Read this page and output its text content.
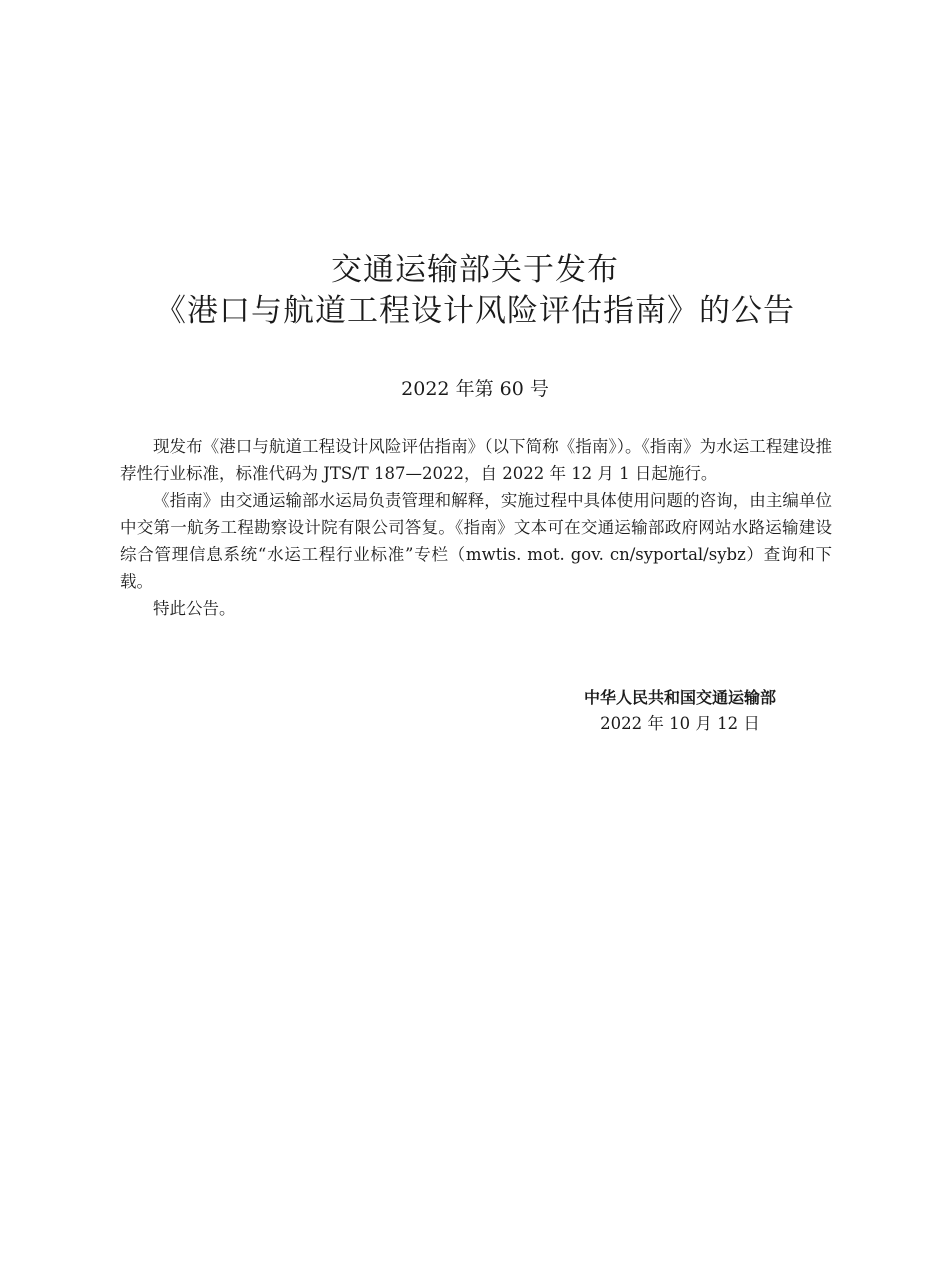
交通运输部关于发布
《港口与航道工程设计风险评估指南》的公告
2022 年第 60 号

现发布《港口与航道工程设计风险评估指南》（以下简称《指南》）。《指南》为水运工程建设推荐性行业标准，标准代码为 JTS/T 187—2022，自 2022 年 12 月 1 日起施行。

《指南》由交通运输部水运局负责管理和解释，实施过程中具体使用问题的咨询，由主编单位中交第一航务工程勘察设计院有限公司答复。《指南》文本可在交通运输部政府网站水路运输建设综合管理信息系统“水运工程行业标准”专栏（mwtis. mot. gov. cn/syportal/sybz）查询和下载。

特此公告。

中华人民共和国交通运输部
2022 年 10 月 12 日
